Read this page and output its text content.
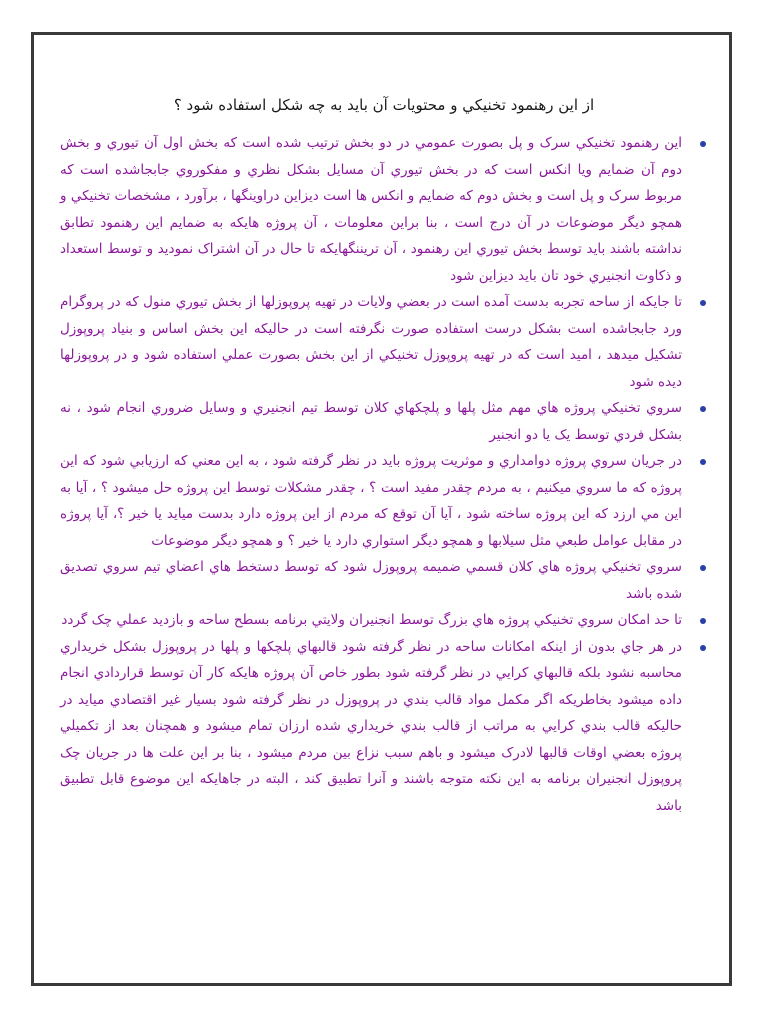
از این رهنمود تخنیکي و محتویات آن باید به چه شکل استفاده شود ؟
این رهنمود تخنیکي سرک و پل بصورت عمومي در دو بخش ترتیب شده است که بخش اول آن تیوري و بخش دوم آن ضمایم ویا انکس است که در بخش تیوري آن مسایل بشکل نظري و مفکوروي جابجاشده است که مربوط سرک و پل است و بخش دوم که ضمایم و انکس ها است دیزاین دراوینگها ، برآورد ، مشخصات تخنیکي و همچو دیگر موضوعات در آن درج است ، بنا براین معلومات ، آن پروژه هایکه به ضمایم این رهنمود تطابق نداشته باشند باید توسط بخش تیوري این رهنمود ، آن تریننگهایکه تا حال در آن اشتراک نمودید و توسط استعداد و ذکاوت انجنیري خود تان باید دیزاین شود
تا جایکه از ساحه تجربه بدست آمده است در بعضي ولایات در تهیه پروپوزلها از بخش تیوري منول که در پروگرام ورد جابجاشده است بشکل درست استفاده صورت نگرفته است در حالیکه این بخش اساس و بنیاد پروپوزل تشکیل میدهد ، امید است که در تهیه پروپوزل تخنیکي از این بخش بصورت عملي استفاده شود و در پروپوزلها دیده شود
سروي تخنیکي پروژه هاي مهم مثل پلها و پلچکهاي کلان توسط تیم انجنیري و وسایل ضروري انجام شود ، نه بشکل فردي توسط یک یا دو انجنیر
در جریان سروي پروژه دوامداري و موثریت پروژه باید در نظر گرفته شود ، به این معني که ارزیابي شود که این پروژه که ما سروي میکنیم ، به مردم چقدر مفید است ؟ ، چقدر مشکلات توسط این پروژه حل میشود ؟ ، آیا به این مي ارزد که این پروژه ساخته شود ، آیا آن توقع که مردم از این پروژه دارد بدست میاید یا خیر ؟، آیا پروژه در مقابل عوامل طبعي مثل سیلابها و همچو دیگر استواري دارد یا خیر ؟ و همچو دیگر موضوعات
سروي تخنیکي پروژه هاي کلان قسمي ضمیمه پروپوزل شود که توسط دستخط هاي اعضاي تیم سروي تصدیق شده باشد
تا حد امکان سروي تخنیکي پروژه هاي بزرگ توسط انجنیران ولایتي برنامه بسطح ساحه و بازدید عملي چک گردد
در هر جاي بدون از اینکه امکانات ساحه در نظر گرفته شود قالبهاي پلچکها و پلها در پروپوزل بشکل خریداري محاسبه نشود بلکه قالبهاي کرایي در نظر گرفته شود بطور خاص آن پروژه هایکه کار آن توسط قراردادي انجام داده میشود بخاطریکه اگر مکمل مواد قالب بندي در پروپوزل در نظر گرفته شود بسیار غیر اقتصادي میاید در حالیکه قالب بندي کرایي به مراتب از قالب بندي خریداري شده ارزان تمام میشود و همچنان بعد از تکمیلي پروژه بعضي اوقات قالبها لادرک میشود و باهم سبب نزاع بین مردم میشود ، بنا بر این علت ها در جریان چک پروپوزل انجنیران برنامه به این نکته متوجه باشند و آنرا تطبیق کند ، البته در جاهایکه این موضوع قابل تطبیق باشد
